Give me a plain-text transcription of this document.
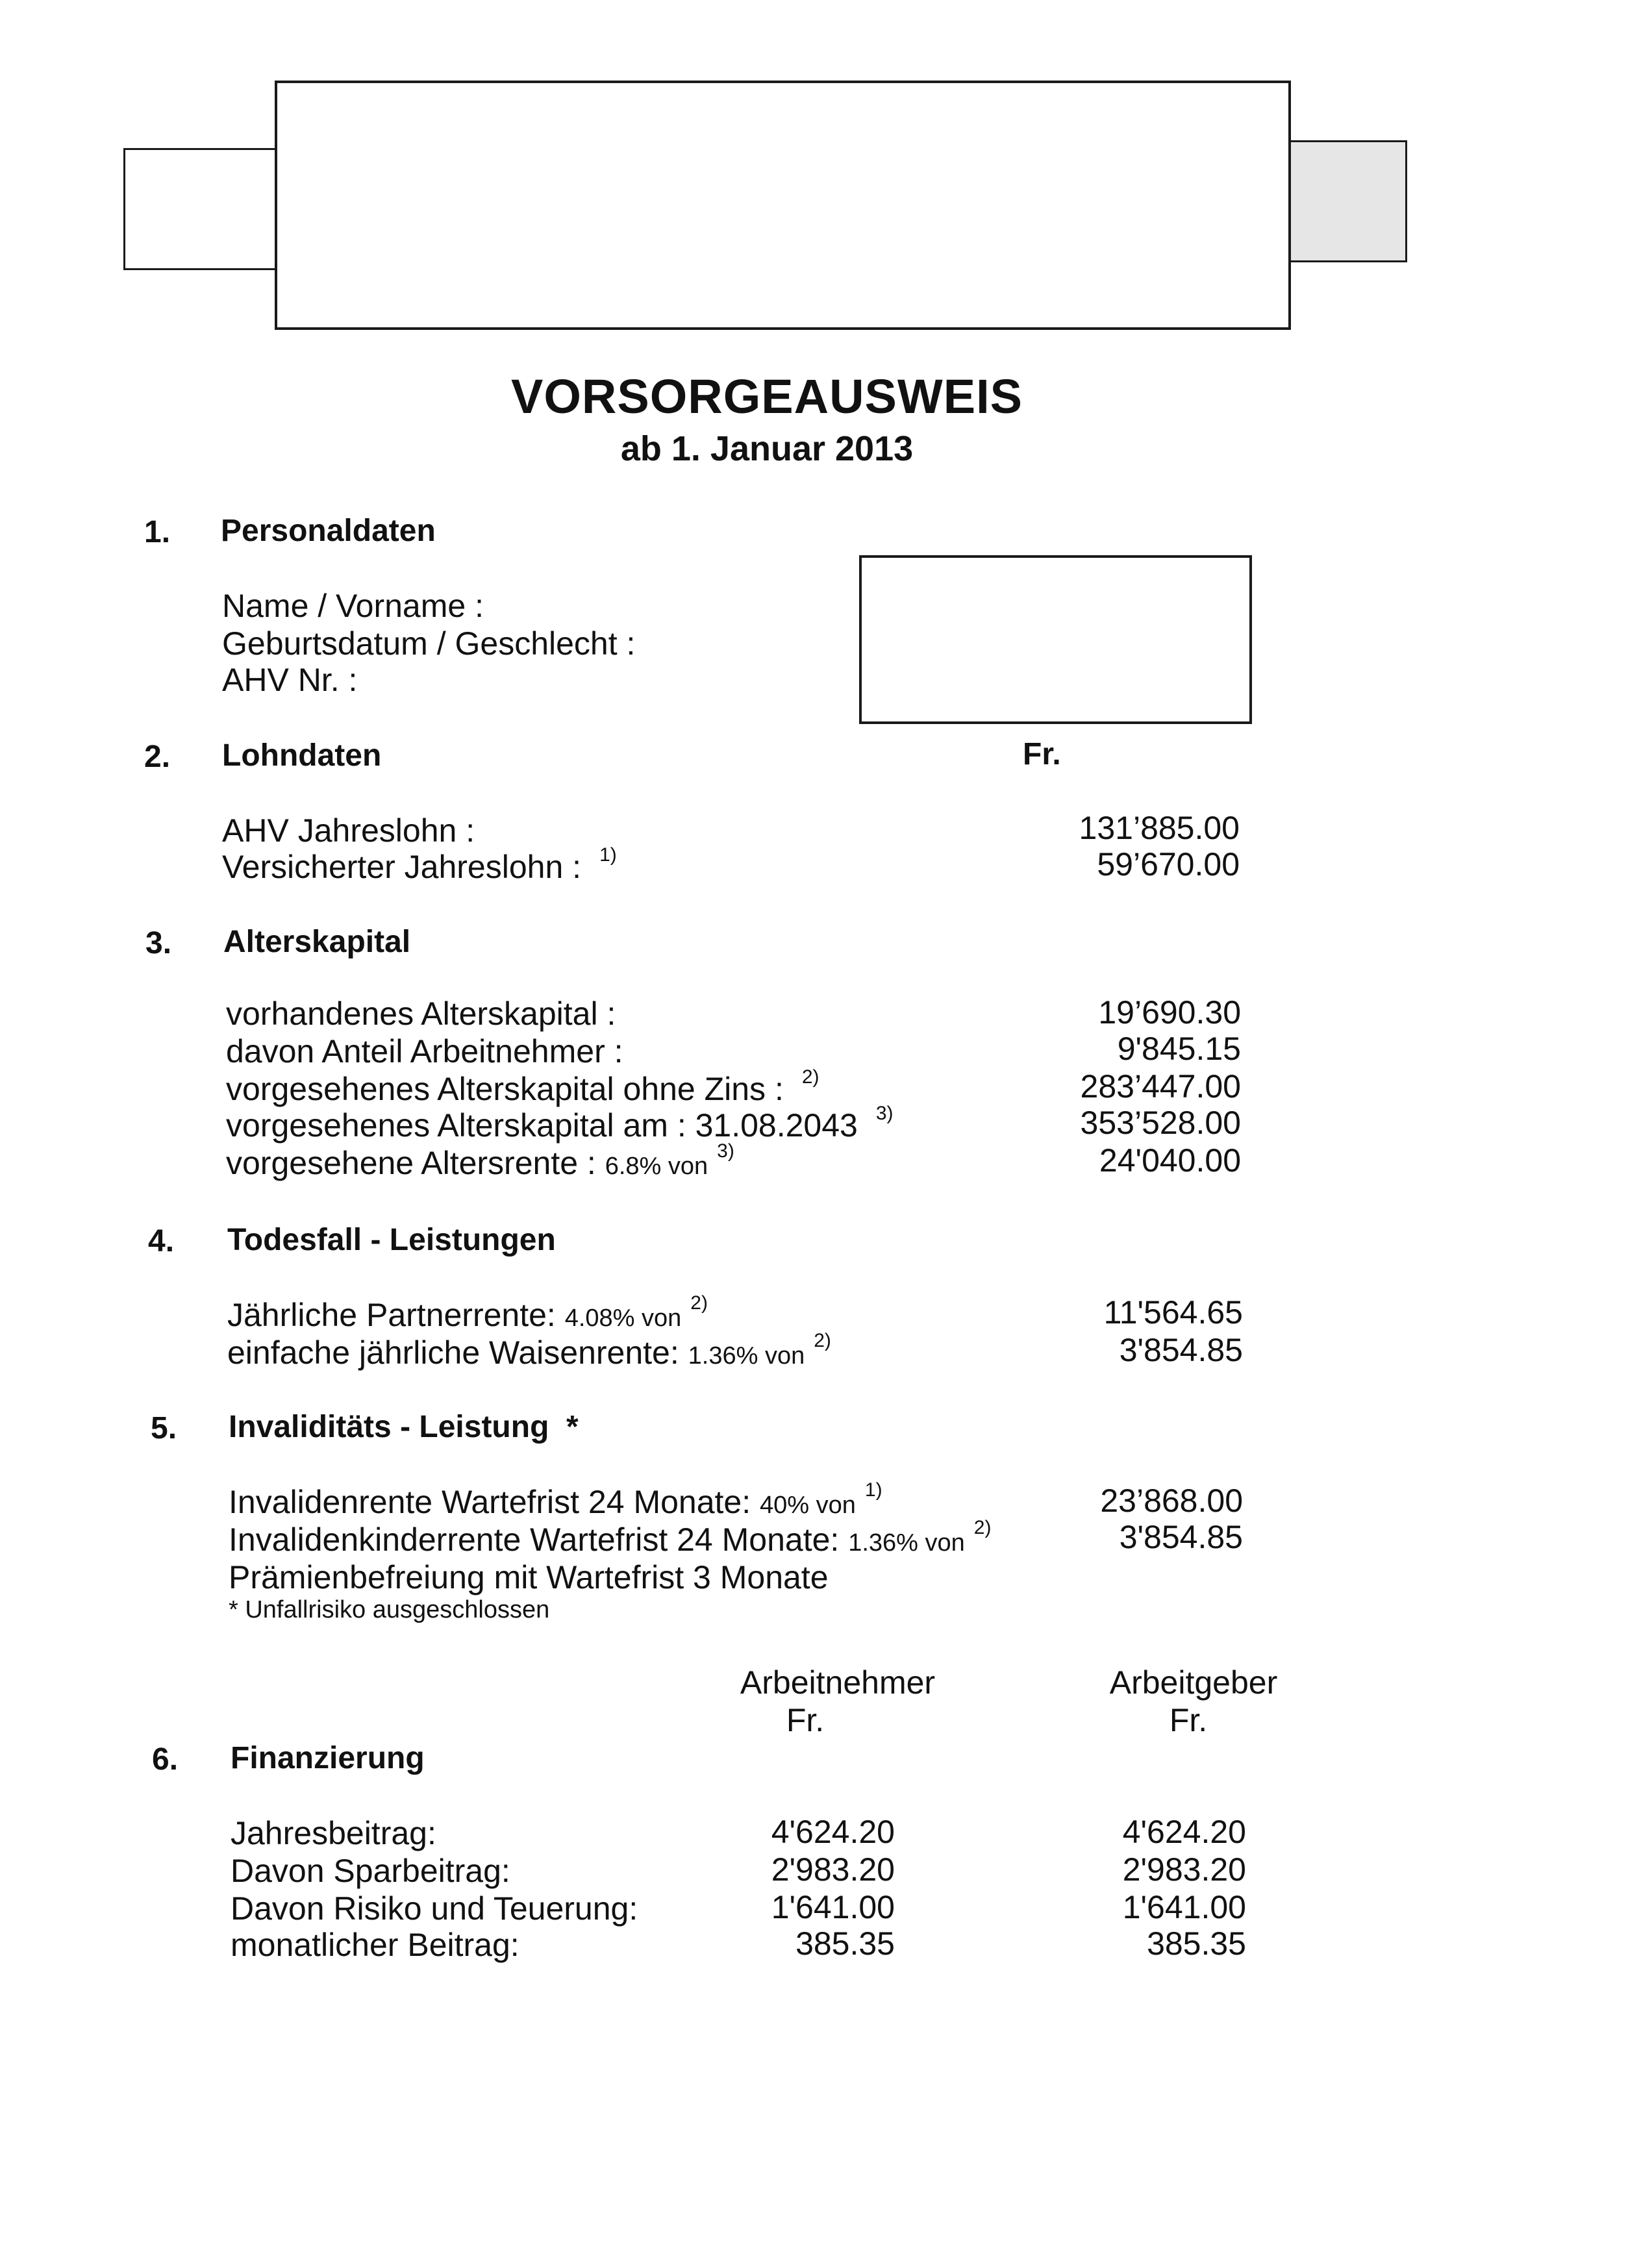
VORSORGEAUSWEIS
ab 1. Januar 2013
1. Personaldaten
Name / Vorname :
Geburtsdatum / Geschlecht :
AHV Nr. :
2. Lohndaten	Fr.
AHV Jahreslohn :	131’885.00
Versicherter Jahreslohn : $^{1)}$	59’670.00
3. Alterskapital
vorhandenes Alterskapital :	19’690.30
davon Anteil Arbeitnehmer :	9'845.15
vorgesehenes Alterskapital ohne Zins : $^{2)}$	283’447.00
vorgesehenes Alterskapital am : 31.08.2043 $^{3)}$	353’528.00
vorgesehene Altersrente : 6.8% von$^{3)}$	24'040.00
4. Todesfall - Leistungen
Jährliche Partnerrente: 4.08% von$^{2)}$	11'564.65
einfache jährliche Waisenrente: 1.36% von$^{2)}$	3'854.85
5. Invaliditäts - Leistung  *
Invalidenrente Wartefrist 24 Monate: 40% von$^{1)}$	23’868.00
Invalidenkinderrente Wartefrist 24 Monate: 1.36% von$^{2)}$	3'854.85
Prämienbefreiung mit Wartefrist 3 Monate
* Unfallrisiko ausgeschlossen
Arbeitnehmer
Fr.
Arbeitgeber
Fr.
6. Finanzierung
Jahresbeitrag:	4'624.20	4'624.20
Davon Sparbeitrag:	2'983.20	2'983.20
Davon Risiko und Teuerung:	1'641.00	1'641.00
monatlicher Beitrag:	385.35	385.35
